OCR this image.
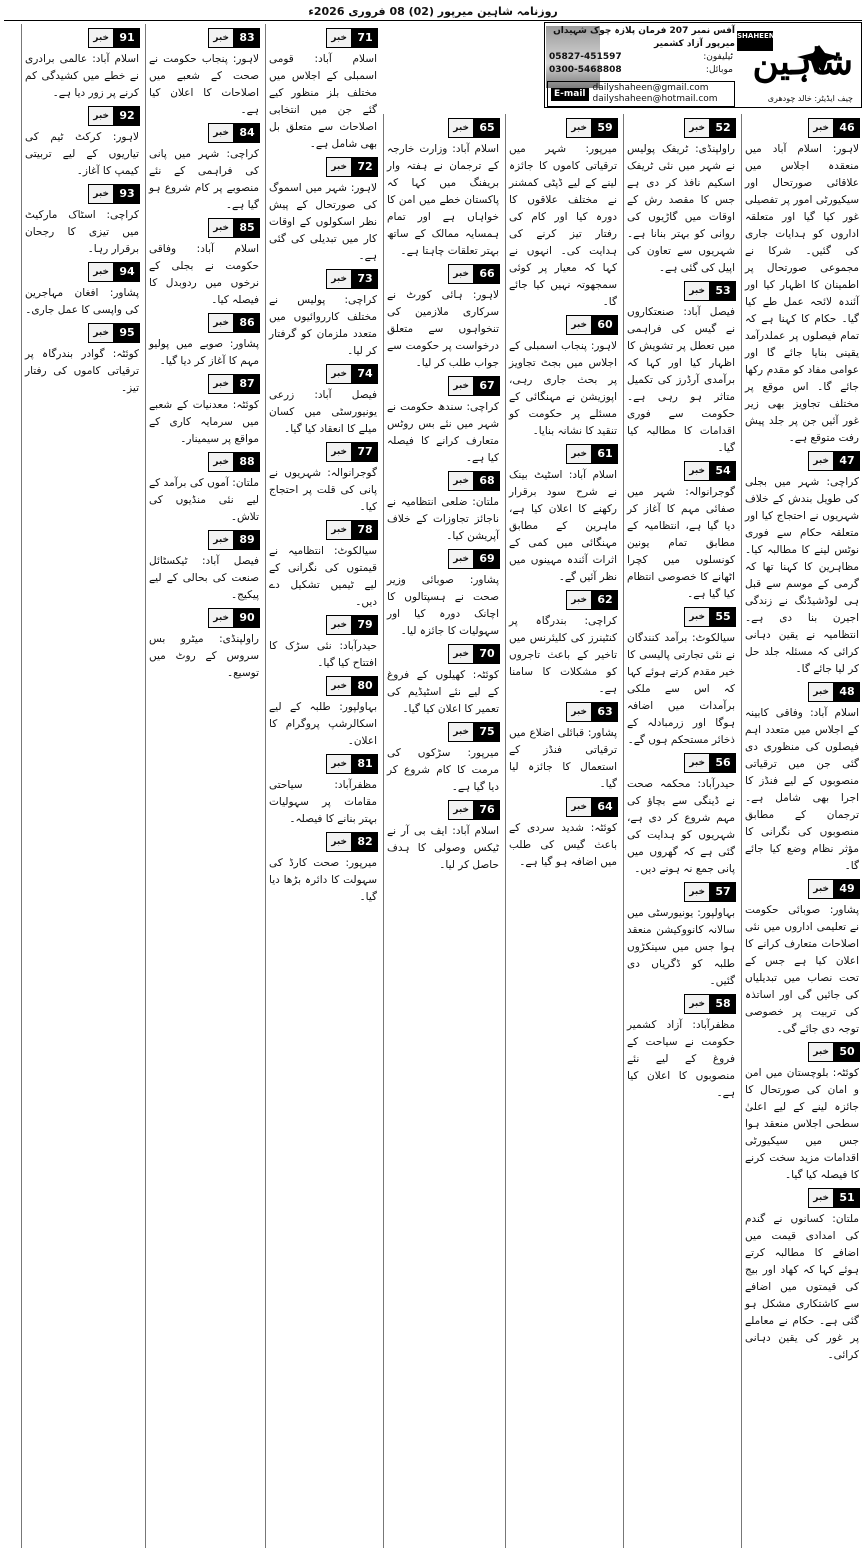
روزنامہ شاہین میرپور (02) 08 فروری 2026ء
46
خبر
لاہور: اسلام آباد میں منعقدہ اجلاس میں علاقائی صورتحال اور سیکیورٹی امور پر تفصیلی غور کیا گیا اور متعلقہ اداروں کو ہدایات جاری کی گئیں۔ شرکا نے مجموعی صورتحال پر اطمینان کا اظہار کیا اور آئندہ لائحہ عمل طے کیا گیا۔ حکام کا کہنا ہے کہ تمام فیصلوں پر عملدرآمد یقینی بنایا جائے گا اور عوامی مفاد کو مقدم رکھا جائے گا۔ اس موقع پر مختلف تجاویز بھی زیر غور آئیں جن پر جلد پیش رفت متوقع ہے۔
47
خبر
کراچی: شہر میں بجلی کی طویل بندش کے خلاف شہریوں نے احتجاج کیا اور متعلقہ حکام سے فوری نوٹس لینے کا مطالبہ کیا۔ مظاہرین کا کہنا تھا کہ گرمی کے موسم سے قبل ہی لوڈشیڈنگ نے زندگی اجیرن بنا دی ہے۔ انتظامیہ نے یقین دہانی کرائی کہ مسئلہ جلد حل کر لیا جائے گا۔
48
خبر
اسلام آباد: وفاقی کابینہ کے اجلاس میں متعدد اہم فیصلوں کی منظوری دی گئی جن میں ترقیاتی منصوبوں کے لیے فنڈز کا اجرا بھی شامل ہے۔ ترجمان کے مطابق منصوبوں کی نگرانی کا مؤثر نظام وضع کیا جائے گا۔
49
خبر
پشاور: صوبائی حکومت نے تعلیمی اداروں میں نئی اصلاحات متعارف کرانے کا اعلان کیا ہے جس کے تحت نصاب میں تبدیلیاں کی جائیں گی اور اساتذہ کی تربیت پر خصوصی توجہ دی جائے گی۔
50
خبر
کوئٹہ: بلوچستان میں امن و امان کی صورتحال کا جائزہ لینے کے لیے اعلیٰ سطحی اجلاس منعقد ہوا جس میں سیکیورٹی اقدامات مزید سخت کرنے کا فیصلہ کیا گیا۔
51
خبر
ملتان: کسانوں نے گندم کی امدادی قیمت میں اضافے کا مطالبہ کرتے ہوئے کہا کہ کھاد اور بیج کی قیمتوں میں اضافے سے کاشتکاری مشکل ہو گئی ہے۔ حکام نے معاملے پر غور کی یقین دہانی کرائی۔
52
خبر
راولپنڈی: ٹریفک پولیس نے شہر میں نئی ٹریفک اسکیم نافذ کر دی ہے جس کا مقصد رش کے اوقات میں گاڑیوں کی روانی کو بہتر بنانا ہے۔ شہریوں سے تعاون کی اپیل کی گئی ہے۔
53
خبر
فیصل آباد: صنعتکاروں نے گیس کی فراہمی میں تعطل پر تشویش کا اظہار کیا اور کہا کہ برآمدی آرڈرز کی تکمیل متاثر ہو رہی ہے۔ حکومت سے فوری اقدامات کا مطالبہ کیا گیا۔
54
خبر
گوجرانوالہ: شہر میں صفائی مہم کا آغاز کر دیا گیا ہے، انتظامیہ کے مطابق تمام یونین کونسلوں میں کچرا اٹھانے کا خصوصی انتظام کیا گیا ہے۔
55
خبر
سیالکوٹ: برآمد کنندگان نے نئی تجارتی پالیسی کا خیر مقدم کرتے ہوئے کہا کہ اس سے ملکی برآمدات میں اضافہ ہوگا اور زرمبادلہ کے ذخائر مستحکم ہوں گے۔
56
خبر
حیدرآباد: محکمہ صحت نے ڈینگی سے بچاؤ کی مہم شروع کر دی ہے، شہریوں کو ہدایت کی گئی ہے کہ گھروں میں پانی جمع نہ ہونے دیں۔
57
خبر
بہاولپور: یونیورسٹی میں سالانہ کانووکیشن منعقد ہوا جس میں سینکڑوں طلبہ کو ڈگریاں دی گئیں۔
58
خبر
مظفرآباد: آزاد کشمیر حکومت نے سیاحت کے فروغ کے لیے نئے منصوبوں کا اعلان کیا ہے۔
59
خبر
میرپور: شہر میں ترقیاتی کاموں کا جائزہ لینے کے لیے ڈپٹی کمشنر نے مختلف علاقوں کا دورہ کیا اور کام کی رفتار تیز کرنے کی ہدایت کی۔ انہوں نے کہا کہ معیار پر کوئی سمجھوتہ نہیں کیا جائے گا۔
60
خبر
لاہور: پنجاب اسمبلی کے اجلاس میں بجٹ تجاویز پر بحث جاری رہی، اپوزیشن نے مہنگائی کے مسئلے پر حکومت کو تنقید کا نشانہ بنایا۔
61
خبر
اسلام آباد: اسٹیٹ بینک نے شرح سود برقرار رکھنے کا اعلان کیا ہے، ماہرین کے مطابق مہنگائی میں کمی کے اثرات آئندہ مہینوں میں نظر آئیں گے۔
62
خبر
کراچی: بندرگاہ پر کنٹینرز کی کلیئرنس میں تاخیر کے باعث تاجروں کو مشکلات کا سامنا ہے۔
63
خبر
پشاور: قبائلی اضلاع میں ترقیاتی فنڈز کے استعمال کا جائزہ لیا گیا۔
64
خبر
کوئٹہ: شدید سردی کے باعث گیس کی طلب میں اضافہ ہو گیا ہے۔
65
خبر
اسلام آباد: وزارت خارجہ کے ترجمان نے ہفتہ وار بریفنگ میں کہا کہ پاکستان خطے میں امن کا خواہاں ہے اور تمام ہمسایہ ممالک کے ساتھ بہتر تعلقات چاہتا ہے۔
66
خبر
لاہور: ہائی کورٹ نے سرکاری ملازمین کی تنخواہوں سے متعلق درخواست پر حکومت سے جواب طلب کر لیا۔
67
خبر
کراچی: سندھ حکومت نے شہر میں نئے بس روٹس متعارف کرانے کا فیصلہ کیا ہے۔
68
خبر
ملتان: ضلعی انتظامیہ نے ناجائز تجاوزات کے خلاف آپریشن کیا۔
69
خبر
پشاور: صوبائی وزیر صحت نے ہسپتالوں کا اچانک دورہ کیا اور سہولیات کا جائزہ لیا۔
70
خبر
کوئٹہ: کھیلوں کے فروغ کے لیے نئے اسٹیڈیم کی تعمیر کا اعلان کیا گیا۔
75
خبر
میرپور: سڑکوں کی مرمت کا کام شروع کر دیا گیا ہے۔
76
خبر
اسلام آباد: ایف بی آر نے ٹیکس وصولی کا ہدف حاصل کر لیا۔
71
خبر
اسلام آباد: قومی اسمبلی کے اجلاس میں مختلف بلز منظور کیے گئے جن میں انتخابی اصلاحات سے متعلق بل بھی شامل ہے۔
72
خبر
لاہور: شہر میں اسموگ کی صورتحال کے پیش نظر اسکولوں کے اوقات کار میں تبدیلی کی گئی ہے۔
73
خبر
کراچی: پولیس نے مختلف کارروائیوں میں متعدد ملزمان کو گرفتار کر لیا۔
74
خبر
فیصل آباد: زرعی یونیورسٹی میں کسان میلے کا انعقاد کیا گیا۔
77
خبر
گوجرانوالہ: شہریوں نے پانی کی قلت پر احتجاج کیا۔
78
خبر
سیالکوٹ: انتظامیہ نے قیمتوں کی نگرانی کے لیے ٹیمیں تشکیل دے دیں۔
79
خبر
حیدرآباد: نئی سڑک کا افتتاح کیا گیا۔
80
خبر
بہاولپور: طلبہ کے لیے اسکالرشپ پروگرام کا اعلان۔
81
خبر
مظفرآباد: سیاحتی مقامات پر سہولیات بہتر بنانے کا فیصلہ۔
82
خبر
میرپور: صحت کارڈ کی سہولت کا دائرہ بڑھا دیا گیا۔
83
خبر
لاہور: پنجاب حکومت نے صحت کے شعبے میں اصلاحات کا اعلان کیا ہے۔
84
خبر
کراچی: شہر میں پانی کی فراہمی کے نئے منصوبے پر کام شروع ہو گیا ہے۔
85
خبر
اسلام آباد: وفاقی حکومت نے بجلی کے نرخوں میں ردوبدل کا فیصلہ کیا۔
86
خبر
پشاور: صوبے میں پولیو مہم کا آغاز کر دیا گیا۔
87
خبر
کوئٹہ: معدنیات کے شعبے میں سرمایہ کاری کے مواقع پر سیمینار۔
88
خبر
ملتان: آموں کی برآمد کے لیے نئی منڈیوں کی تلاش۔
89
خبر
فیصل آباد: ٹیکسٹائل صنعت کی بحالی کے لیے پیکیج۔
90
خبر
راولپنڈی: میٹرو بس سروس کے روٹ میں توسیع۔
91
خبر
اسلام آباد: عالمی برادری نے خطے میں کشیدگی کم کرنے پر زور دیا ہے۔
92
خبر
لاہور: کرکٹ ٹیم کی تیاریوں کے لیے تربیتی کیمپ کا آغاز۔
93
خبر
کراچی: اسٹاک مارکیٹ میں تیزی کا رجحان برقرار رہا۔
94
خبر
پشاور: افغان مہاجرین کی واپسی کا عمل جاری۔
95
خبر
کوئٹہ: گوادر بندرگاہ پر ترقیاتی کاموں کی رفتار تیز۔
آفس نمبر 207 فرمان پلازہ چوک شہیداں میرپور آزاد کشمیر
ٹیلیفون:
05827-451597
موبائل:
0300-5468808
E-mail
dailyshaheen@gmail.com
dailyshaheen@hotmail.com
SHAHEEN
شاہین
چیف ایڈیٹر: خالد چودھری
